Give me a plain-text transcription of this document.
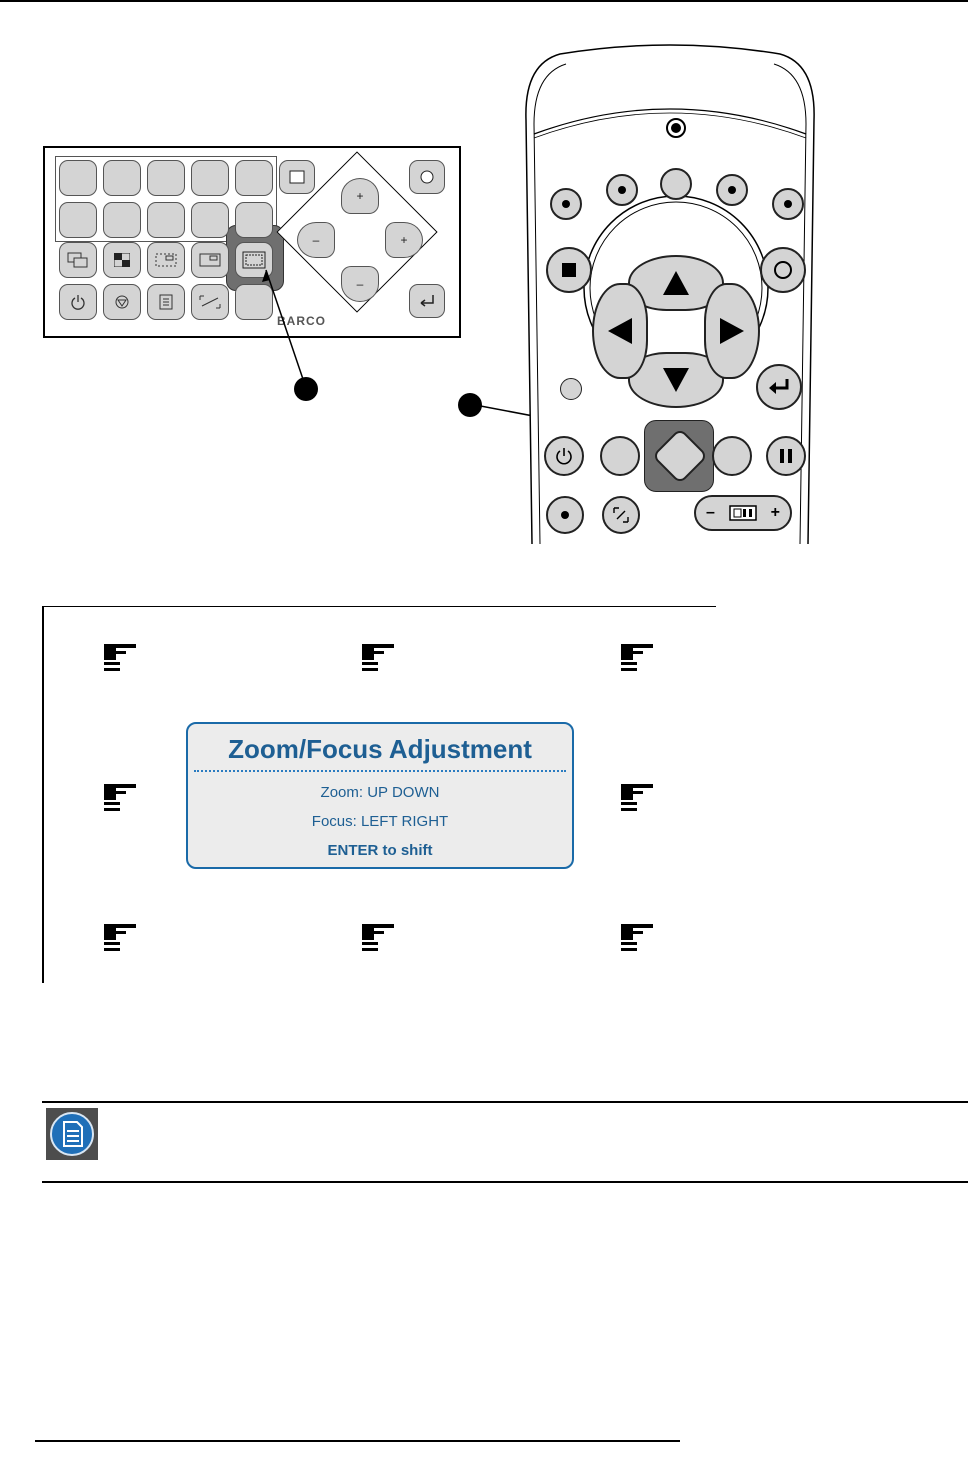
+
–
–	+
BARCO
–	+
Zoom/Focus Adjustment
Zoom: UP DOWN
Focus: LEFT RIGHT
ENTER to shift
